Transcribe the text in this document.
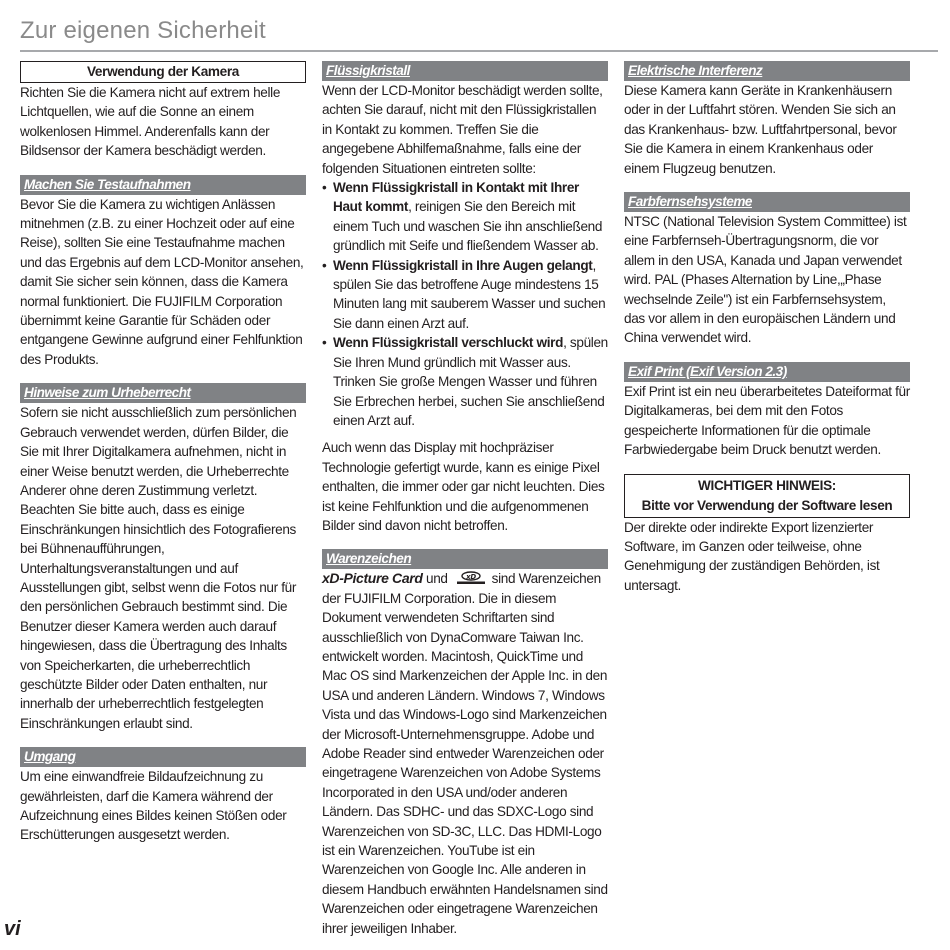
Zur eigenen Sicherheit
Verwendung der Kamera

Richten Sie die Kamera nicht auf extrem helle Lichtquellen, wie auf die Sonne an einem wolkenlosen Himmel. Anderenfalls kann der Bildsensor der Kamera beschädigt werden.

Machen Sie Testaufnahmen

Bevor Sie die Kamera zu wichtigen Anlässen mitnehmen (z.B. zu einer Hochzeit oder auf eine Reise), sollten Sie eine Testaufnahme machen und das Ergebnis auf dem LCD-Monitor ansehen, damit Sie sicher sein können, dass die Kamera normal funktioniert. Die FUJIFILM Corporation übernimmt keine Garantie für Schäden oder entgangene Gewinne aufgrund einer Fehlfunktion des Produkts.

Hinweise zum Urheberrecht

Sofern sie nicht ausschließlich zum persönlichen Gebrauch verwendet werden, dürfen Bilder, die Sie mit Ihrer Digitalkamera aufnehmen, nicht in einer Weise benutzt werden, die Urheberrechte Anderer ohne deren Zustimmung verletzt. Beachten Sie bitte auch, dass es einige Einschränkungen hinsichtlich des Fotografierens bei Bühnenaufführungen, Unterhaltungsveranstaltungen und auf Ausstellungen gibt, selbst wenn die Fotos nur für den persönlichen Gebrauch bestimmt sind. Die Benutzer dieser Kamera werden auch darauf hingewiesen, dass die Übertragung des Inhalts von Speicherkarten, die urheberrechtlich geschützte Bilder oder Daten enthalten, nur innerhalb der urheberrechtlich festgelegten Einschränkungen erlaubt sind.

Umgang

Um eine einwandfreie Bildaufzeichnung zu gewährleisten, darf die Kamera während der Aufzeichnung eines Bildes keinen Stößen oder Erschütterungen ausgesetzt werden.

Flüssigkristall

Wenn der LCD-Monitor beschädigt werden sollte, achten Sie darauf, nicht mit den Flüssigkristallen in Kontakt zu kommen. Treffen Sie die angegebene Abhilfemaßnahme, falls eine der folgenden Situationen eintreten sollte:

• Wenn Flüssigkristall in Kontakt mit Ihrer Haut kommt, reinigen Sie den Bereich mit einem Tuch und waschen Sie ihn anschließend gründlich mit Seife und fließendem Wasser ab.
• Wenn Flüssigkristall in Ihre Augen gelangt, spülen Sie das betroffene Auge mindestens 15 Minuten lang mit sauberem Wasser und suchen Sie dann einen Arzt auf.
• Wenn Flüssigkristall verschluckt wird, spülen Sie Ihren Mund gründlich mit Wasser aus. Trinken Sie große Mengen Wasser und führen Sie Erbrechen herbei, suchen Sie anschließend einen Arzt auf.

Auch wenn das Display mit hochpräziser Technologie gefertigt wurde, kann es einige Pixel enthalten, die immer oder gar nicht leuchten. Dies ist keine Fehlfunktion und die aufgenommenen Bilder sind davon nicht betroffen.

Warenzeichen

xD-Picture Card und	xD sind Warenzeichen der FUJIFILM Corporation. Die in diesem Dokument verwendeten Schriftarten sind ausschließlich von DynaComware Taiwan Inc. entwickelt worden. Macintosh, QuickTime und Mac OS sind Markenzeichen der Apple Inc. in den USA und anderen Ländern. Windows 7, Windows Vista und das Windows-Logo sind Markenzeichen der Microsoft-Unternehmensgruppe. Adobe und Adobe Reader sind entweder Warenzeichen oder eingetragene Warenzeichen von Adobe Systems Incorporated in den USA und/oder anderen Ländern. Das SDHC- und das SDXC-Logo sind Warenzeichen von SD-3C, LLC. Das HDMI-Logo ist ein Warenzeichen. YouTube ist ein Warenzeichen von Google Inc. Alle anderen in diesem Handbuch erwähnten Handelsnamen sind Warenzeichen oder eingetragene Warenzeichen ihrer jeweiligen Inhaber.

Elektrische Interferenz

Diese Kamera kann Geräte in Krankenhäusern oder in der Luftfahrt stören. Wenden Sie sich an das Krankenhaus- bzw. Luftfahrtpersonal, bevor Sie die Kamera in einem Krankenhaus oder einem Flugzeug benutzen.

Farbfernsehsysteme

NTSC (National Television System Committee) ist eine Farbfernseh-Übertragungsnorm, die vor allem in den USA, Kanada und Japan verwendet wird. PAL (Phases Alternation by Line,„Phase wechselnde Zeile") ist ein Farbfernsehsystem, das vor allem in den europäischen Ländern und China verwendet wird.

Exif Print (Exif Version 2.3)

Exif Print ist ein neu überarbeitetes Dateiformat für Digitalkameras, bei dem mit den Fotos gespeicherte Informationen für die optimale Farbwiedergabe beim Druck benutzt werden.

WICHTIGER HINWEIS:
Bitte vor Verwendung der Software lesen

Der direkte oder indirekte Export lizenzierter Software, im Ganzen oder teilweise, ohne Genehmigung der zuständigen Behörden, ist untersagt.

vi
